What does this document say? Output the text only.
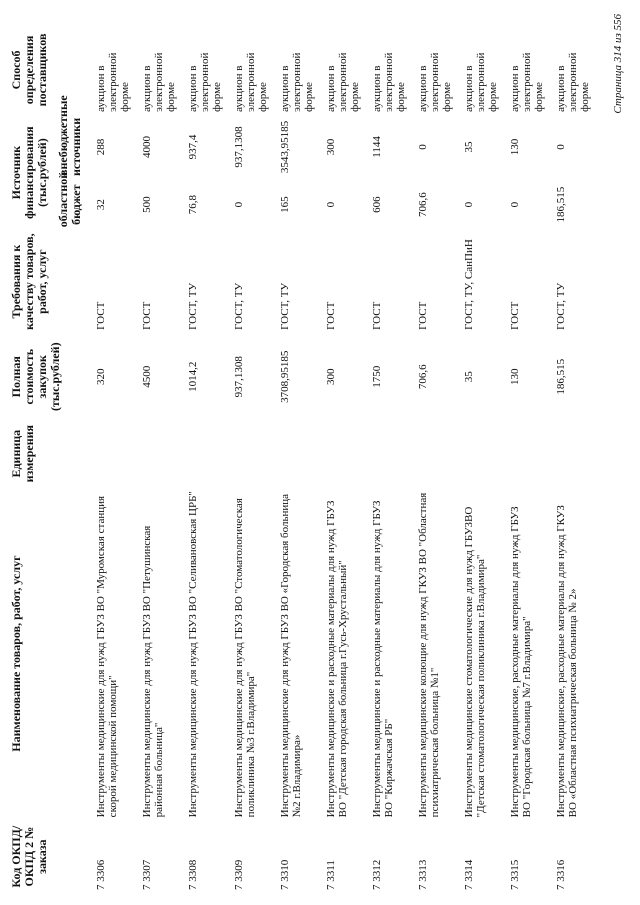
Код ОКПД/ ОКПД 2 № заказа	Наименование товаров, работ, услуг	Единица измерения	Полная стоимость закупок (тыс.рублей)	Требования к качеству товаров, работ, услуг	Источник финансирования (тыс.рублей)		Способ определения поставщиков
					областной бюджет	внебюджетные источники	
7 3306	Инструменты медицинские для нужд ГБУЗ ВО "Муромская станция скорой медицинской помощи"		320	ГОСТ	32	288	аукцион в электронной форме
7 3307	Инструменты медицинские для нужд ГБУЗ ВО "Петушинская районная больница"		4500	ГОСТ	500	4000	аукцион в электронной форме
7 3308	Инструменты медицинские для нужд ГБУЗ ВО "Селивановская ЦРБ"		1014,2	ГОСТ, ТУ	76,8	937,4	аукцион в электронной форме
7 3309	Инструменты медицинские для нужд ГБУЗ ВО "Стоматологическая поликлиника №3 г.Владимира"		937,1308	ГОСТ, ТУ	0	937,1308	аукцион в электронной форме
7 3310	Инструменты медицинские для нужд ГБУЗ ВО «Городская больница №2 г.Владимира»		3708,95185	ГОСТ, ТУ	165	3543,95185	аукцион в электронной форме
7 3311	Инструменты медицинские и расходные материалы для нужд ГБУЗ ВО "Детская городская больница г.Гусь-Хрустальный"		300	ГОСТ	0	300	аукцион в электронной форме
7 3312	Инструменты медицинские и расходные материалы для нужд ГБУЗ ВО "Киржачская РБ"		1750	ГОСТ	606	1144	аукцион в электронной форме
7 3313	Инструменты медицинские колющие для нужд ГКУЗ ВО "Областная психиатрическая больница №1"		706,6	ГОСТ	706,6	0	аукцион в электронной форме
7 3314	Инструменты медицинские стоматологические для нужд ГБУЗВО "Детская стоматологическая поликлиника г.Владимира"		35	ГОСТ, ТУ, СанПиН	0	35	аукцион в электронной форме
7 3315	Инструменты медицинские, расходные материалы для нужд ГБУЗ ВО "Городская больница №7 г.Владимира"		130	ГОСТ	0	130	аукцион в электронной форме
7 3316	Инструменты медицинские, расходные материалы для нужд ГКУЗ ВО «Областная психиатрическая больница № 2»		186,515	ГОСТ, ТУ	186,515	0	аукцион в электронной форме Страница 314 из 556
